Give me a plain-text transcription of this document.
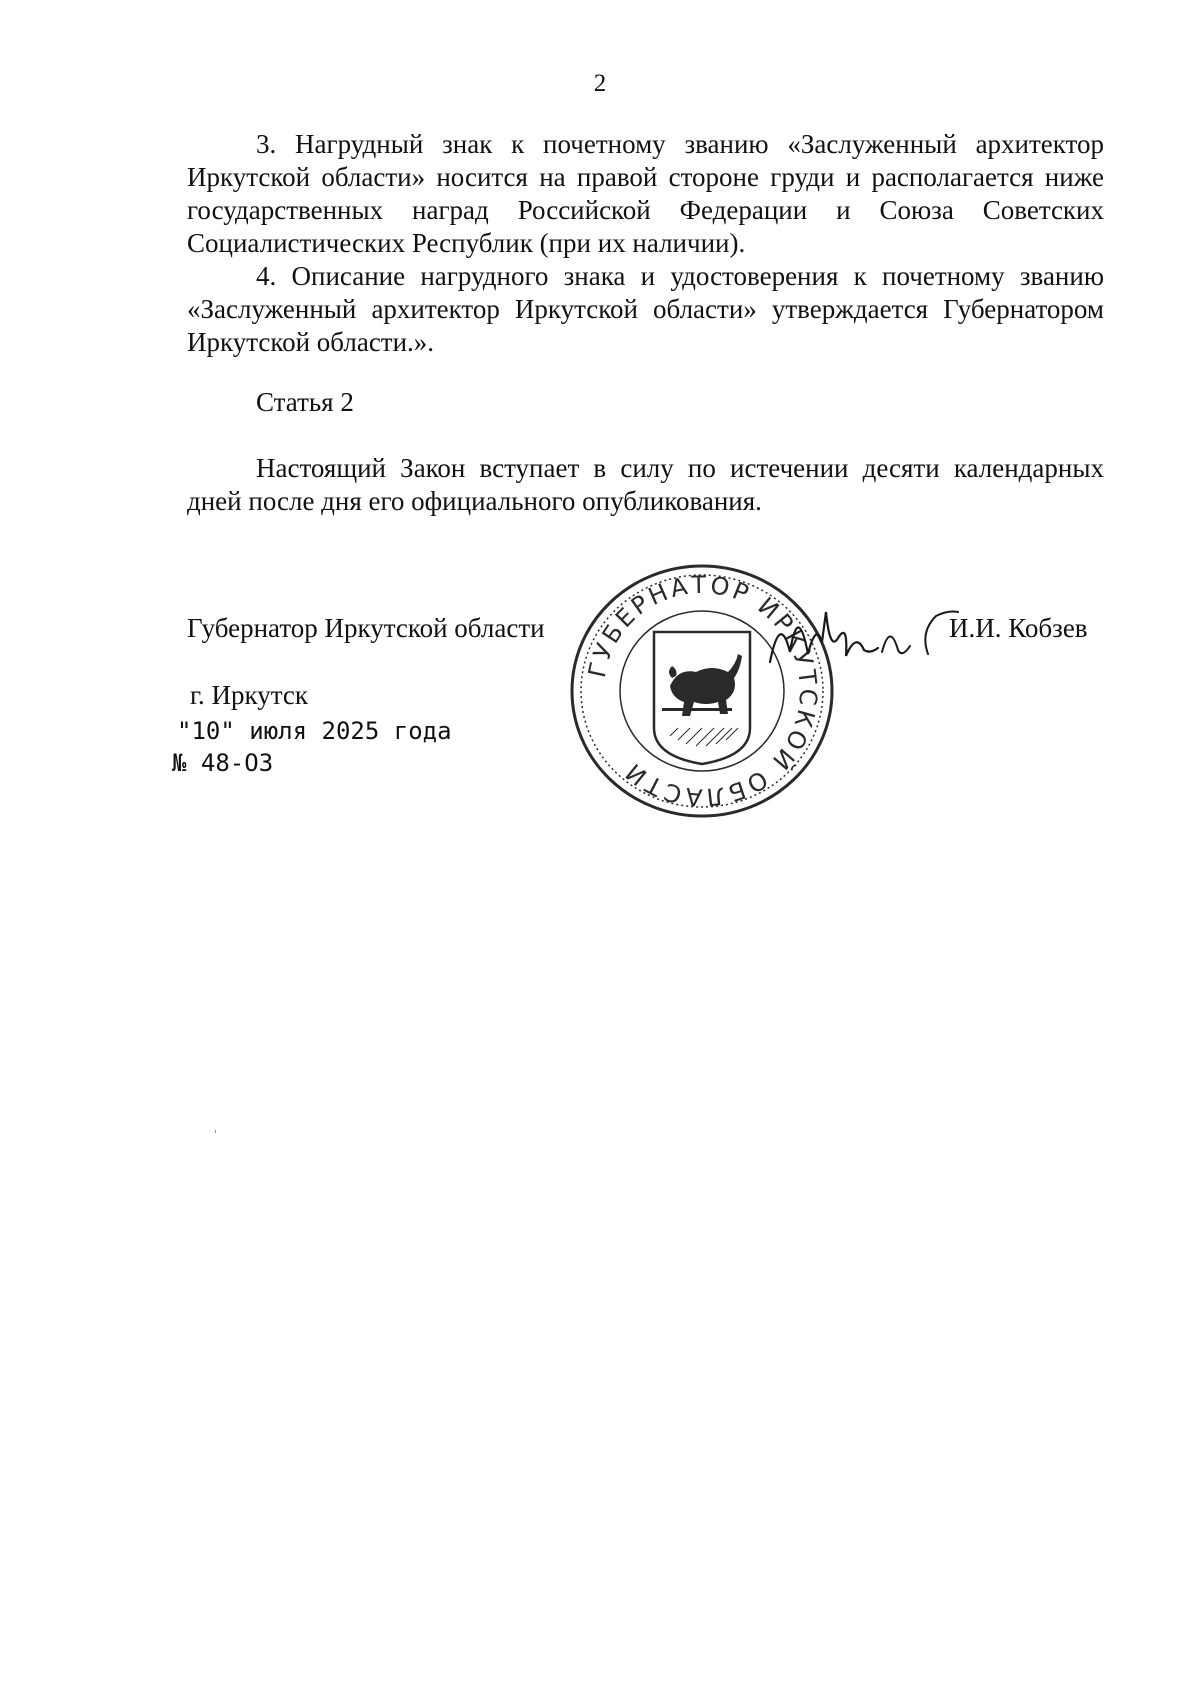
2

3. Нагрудный знак к почетному званию «Заслуженный архитектор Иркутской области» носится на правой стороне груди и располагается ниже государственных наград Российской Федерации и Союза Советских Социалистических Республик (при их наличии).

4. Описание нагрудного знака и удостоверения к почетному званию «Заслуженный архитектор Иркутской области» утверждается Губернатором Иркутской области.».

Статья 2

Настоящий Закон вступает в силу по истечении десяти календарных дней после дня его официального опубликования.

Губернатор Иркутской области	И.И. Кобзев
г. Иркутск
"10" июля 2025 года
№ 48-ОЗ
ГУБЕРНАТОР ИРКУТСКОЙ ОБЛАСТИ
